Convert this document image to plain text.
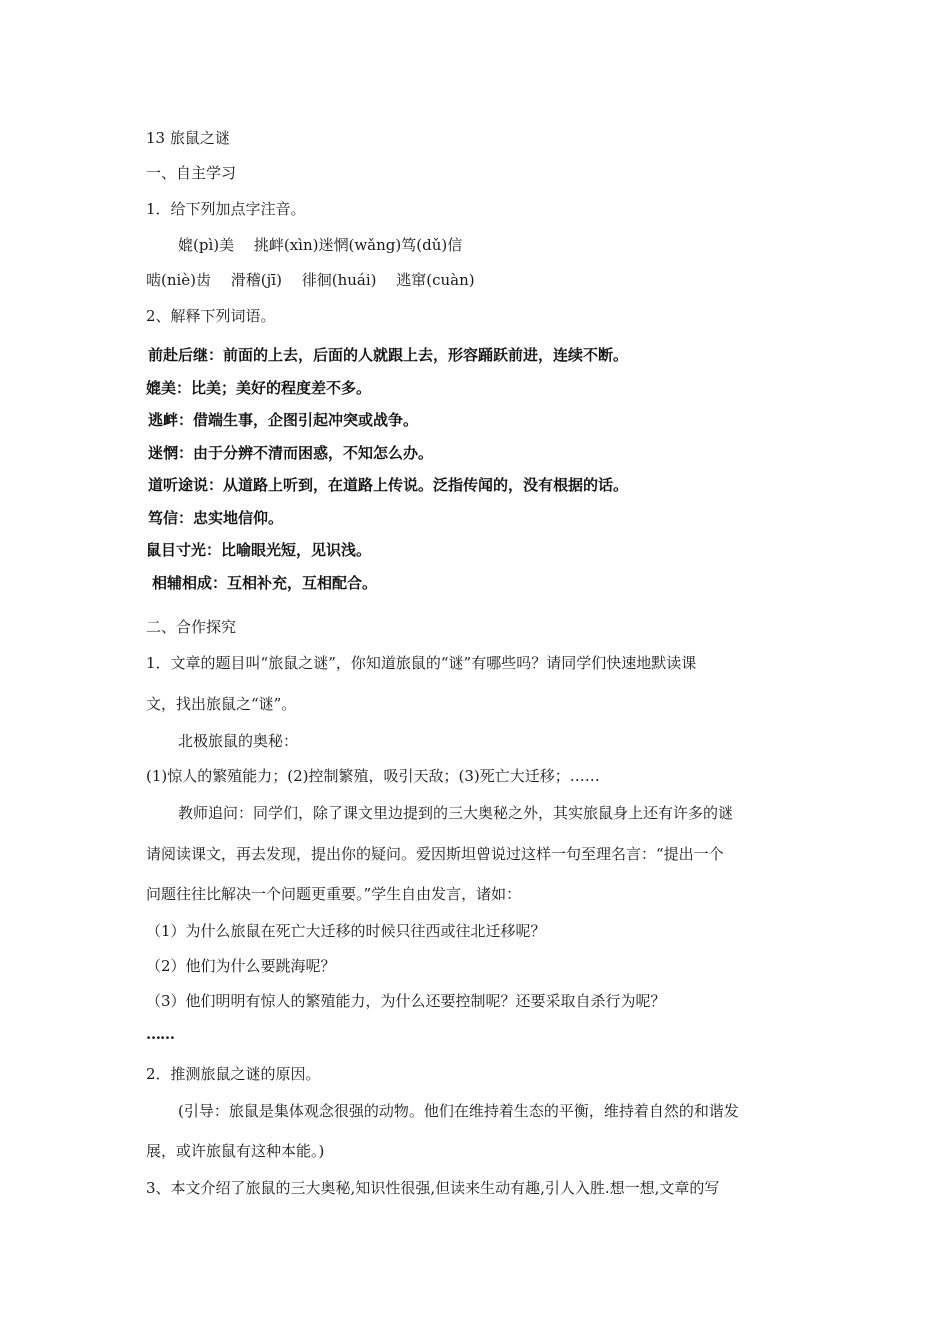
13 旅鼠之谜
一、自主学习
1．给下列加点字注音。
媲(pì)美　 挑衅(xìn)迷惘(wǎng)笃(dǔ)信
啮(niè)齿　 滑稽(jī)　 徘徊(huái)　 逃窜(cuàn)
2、解释下列词语。
前赴后继：前面的上去，后面的人就跟上去，形容踊跃前进，连续不断。
媲美：比美；美好的程度差不多。
逃衅：借端生事，企图引起冲突或战争。
迷惘：由于分辨不清而困惑，不知怎么办。
道听途说：从道路上听到，在道路上传说。泛指传闻的，没有根据的话。
笃信：忠实地信仰。
鼠目寸光：比喻眼光短，见识浅。
相辅相成：互相补充，互相配合。
二、合作探究
1．文章的题目叫“旅鼠之谜”，你知道旅鼠的“谜”有哪些吗？请同学们快速地默读课
文，找出旅鼠之“谜”。
北极旅鼠的奥秘：
(1)惊人的繁殖能力；(2)控制繁殖，吸引天敌；(3)死亡大迁移；……
教师追问：同学们，除了课文里边提到的三大奥秘之外，其实旅鼠身上还有许多的谜
请阅读课文，再去发现，提出你的疑问。爱因斯坦曾说过这样一句至理名言：“提出一个
问题往往比解决一个问题更重要。”学生自由发言，诸如：
（1）为什么旅鼠在死亡大迁移的时候只往西或往北迁移呢？
（2）他们为什么要跳海呢？
（3）他们明明有惊人的繁殖能力，为什么还要控制呢？还要采取自杀行为呢？
……
2．推测旅鼠之谜的原因。
(引导：旅鼠是集体观念很强的动物。他们在维持着生态的平衡，维持着自然的和谐发
展，或许旅鼠有这种本能。)
3、本文介绍了旅鼠的三大奥秘,知识性很强,但读来生动有趣,引人入胜.想一想,文章的写
